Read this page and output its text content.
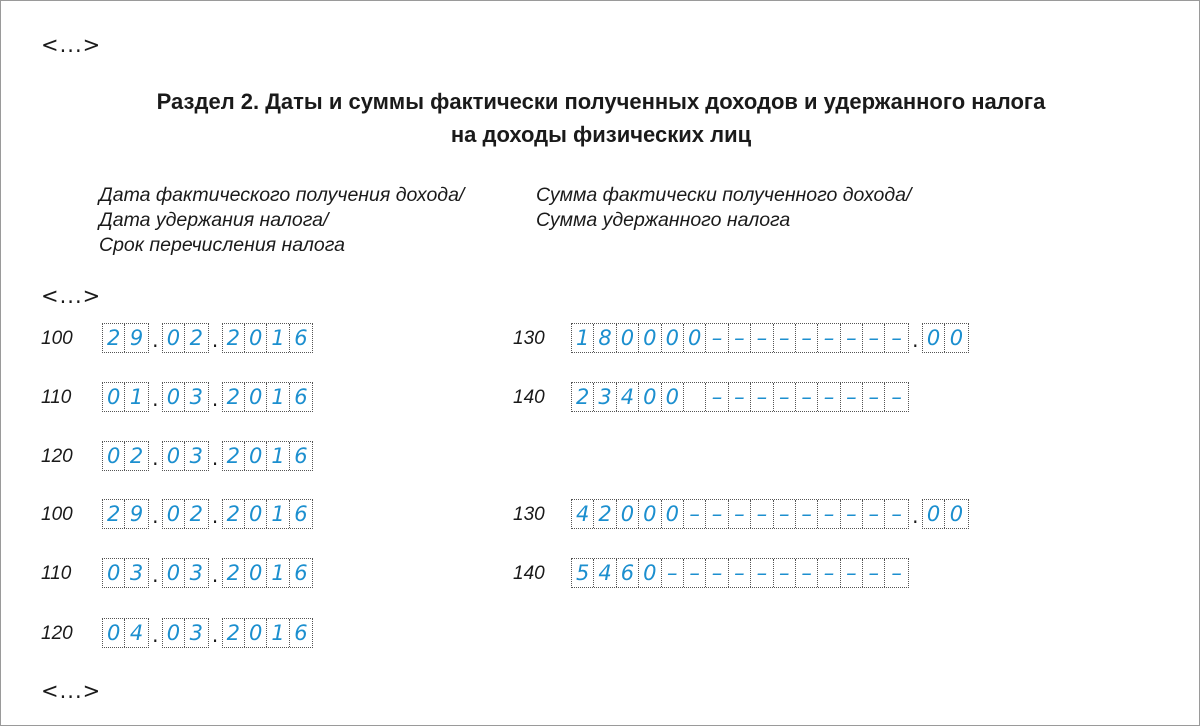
<...>
Раздел 2. Даты и суммы фактически полученных доходов и удержанного налога
на доходы физических лиц
Дата фактического получения дохода/
Дата удержания налога/
Срок перечисления налога
Сумма фактически полученного дохода/
Сумма удержанного налога
<...>
100 2 9 . 0 2 . 2 0 1 6
110 0 1 . 0 3 . 2 0 1 6
120 0 2 . 0 3 . 2 0 1 6
100 2 9 . 0 2 . 2 0 1 6
110 0 3 . 0 3 . 2 0 1 6
120 0 4 . 0 3 . 2 0 1 6
130 1 8 0 0 0 0 – – – – – – – – – . 0 0
140 2 3 4 0 0 – – – – – – – – –
130 4 2 0 0 0 – – – – – – – – – – . 0 0
140 5 4 6 0 – – – – – – – – – – –
<...>
